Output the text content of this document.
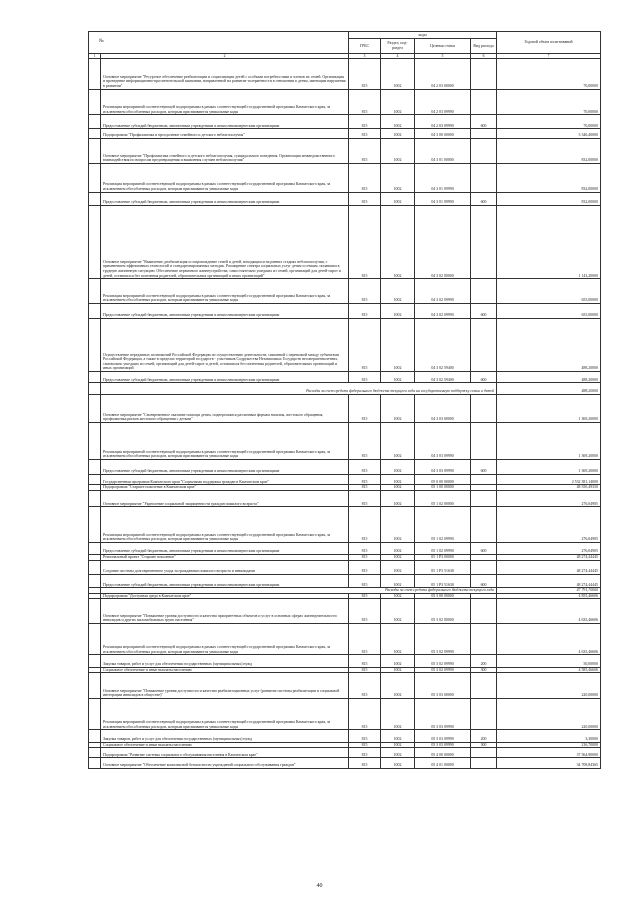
№		коды				Годовой объем ассигнований
		ГРБС	Раздел, под-раздел	Целевая статья	Вид расхода	
1	2	3	4	5	6	7
	Основное мероприятие "Ресурсное обеспечение реабилитации и социализации детей с особыми потребностями и членов их семей. Организация и проведение информационно-просветительской кампании, направленной на развитие толерантности в отношении к детям, имеющим нарушения в развитии"	815	1002	04 2 03 00000		70,00000
	Реализация мероприятий соответствующей подпрограммы в рамках соответствующей государственной программы Камчатского края, за исключением обособленных расходов, которым присваиваются уникальные коды	815	1002	04 2 03 09990		70,00000
	Предоставление субсидий бюджетным, автономным учреждениям и иным некоммерческим организациям	815	1002	04 2 03 09990	600	70,00000
	Подпрограмма "Профилактика и преодоление семейного и детского неблагополучия"	815	1002	04 3 00 00000		3 346,40000
	Основное мероприятие "Профилактика семейного и детского неблагополучия, суицидального поведения. Организация межведомственного взаимодействия по вопросам предотвращения и выявления случаев неблагополучия"	815	1002	04 3 01 00000		832,00000
	Реализация мероприятий соответствующей подпрограммы в рамках соответствующей государственной программы Камчатского края, за исключением обособленных расходов, которым присваиваются уникальные коды	815	1002	04 3 01 09990		832,00000
	Предоставление субсидий бюджетным, автономным учреждениям и иным некоммерческим организациям	815	1002	04 3 01 09990	600	832,00000
	Основное мероприятие "Выявление, реабилитация и сопровождение семей и детей, находящихся на ранних стадиях неблагополучия, с применением эффективных технологий и стандартизированных методик. Расширение спектра социальных услуг детям и семьям, попавшим в трудную жизненную ситуацию. Обеспечение первичного жизнеустройства, самостоятельно ушедших из семей, организаций для детей-сирот и детей, оставшихся без попечения родителей, образовательных организаций и иных организаций"	815	1002	04 3 02 00000		1 143,20000
	Реализация мероприятий соответствующей подпрограммы в рамках соответствующей государственной программы Камчатского края, за исключением обособленных расходов, которым присваиваются уникальные коды	815	1002	04 3 02 09990		655,00000
	Предоставление субсидий бюджетным, автономным учреждениям и иным некоммерческим организациям	815	1002	04 3 02 09990	600	655,00000
	Осуществление переданных полномочий Российской Федерации по осуществлению деятельности, связанной с перевозкой между субъектами Российской Федерации, а также в пределах территорий государств - участников Содружества Независимых Государств несовершеннолетних, самовольно ушедших из семей, организаций для детей-сирот и детей, оставшихся без попечения родителей, образовательных организаций и иных организаций	815	1002	04 3 02 59400		488,20000
	Предоставление субсидий бюджетным, автономным учреждениям и иным некоммерческим организациям	815	1002	04 3 02 59400	600	488,20000
	Расходы за счет средств федерального бюджета текущего года на государственную поддержку семьи и детей					488,20000
	Основное мероприятие "Своевременное оказание помощи детям, подвергшимся различным формам насилия, жестокого обращения, профилактика рисков жестокого обращения с детьми"	815	1002	04 3 03 00000		1 369,20000
	Реализация мероприятий соответствующей подпрограммы в рамках соответствующей государственной программы Камчатского края, за исключением обособленных расходов, которым присваиваются уникальные коды	815	1002	04 3 03 09990		1 369,20000
	Предоставление субсидий бюджетным, автономным учреждениям и иным некоммерческим организациям	815	1002	04 3 03 09990	600	1 369,20000
	Государственная программа Камчатского края "Социальная поддержка граждан в Камчатском крае"	815	1002	05 0 00 00000		2 532 381,14000
	Подпрограмма "Старшее поколение в Камчатском крае"	815	1002	05 1 00 00000		48 550,49350
	Основное мероприятие "Укрепление социальной защищенности граждан пожилого возраста"	815	1002	05 1 02 00000		276,04905
	Реализация мероприятий соответствующей подпрограммы в рамках соответствующей государственной программы Камчатского края, за исключением обособленных расходов, которым присваиваются уникальные коды	815	1002	05 1 02 09990		276,04905
	Предоставление субсидий бюджетным, автономным учреждениям и иным некоммерческим организациям	815	1002	05 1 02 09990	600	276,04905
	Региональный проект "Старшее поколение"	815	1002	05 1 P3 00000		48 274,44445
	Создание системы долговременного ухода за гражданами пожилого возраста и инвалидами	815	1002	05 1 P3 51630		48 274,44445
	Предоставление субсидий бюджетным, автономным учреждениям и иным некоммерческим организациям	815	1002	05 1 P3 51630	600	48 274,44445
	Расходы за счет средств федерального бюджета текущего года					47 791,70000
	Подпрограмма "Доступная среда в Камчатском крае"	815	1002	05 3 00 00000		4 855,46606
	Основное мероприятие "Повышение уровня доступности и качества приоритетных объектов и услуг в основных сферах жизнедеятельности инвалидов и других маломобильных групп населения"	815	1002	05 3 02 00000		4 635,46606
	Реализация мероприятий соответствующей подпрограммы в рамках соответствующей государственной программы Камчатского края, за исключением обособленных расходов, которым присваиваются уникальные коды	815	1002	05 3 02 09990		4 635,46606
	Закупка товаров, работ и услуг для обеспечения государственных (муниципальных) нужд	815	1002	05 3 02 09990	200	50,00000
	Социальное обеспечение и иные выплаты населению	815	1002	05 3 02 09990	300	4 585,46606
	Основное мероприятие "Повышение уровня доступности и качества реабилитационных услуг (развитие системы реабилитации и социальной интеграции инвалидов в обществе)"	815	1002	05 3 03 00000		220,00000
	Реализация мероприятий соответствующей подпрограммы в рамках соответствующей государственной программы Камчатского края, за исключением обособленных расходов, которым присваиваются уникальные коды	815	1002	05 3 03 09990		220,00000
	Закупка товаров, работ и услуг для обеспечения государственных (муниципальных) нужд	815	1002	05 3 03 09990	200	3,30000
	Социальное обеспечение и иные выплаты населению	815	1002	05 3 03 09990	300	216,70000
	Подпрограмма "Развитие системы социального обслуживания населения в Камчатском крае"	815	1002	05 4 00 00000		37 564,90000
	Основное мероприятие "Обеспечение комплексной безопасности учреждений социального обслуживания граждан"	815	1002	05 4 01 00000		34 708,84365
40
